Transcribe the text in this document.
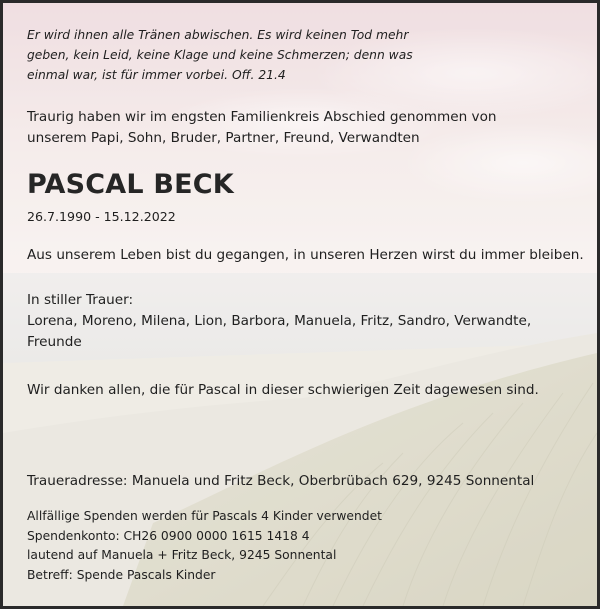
Er wird ihnen alle Tränen abwischen. Es wird keinen Tod mehr
geben, kein Leid, keine Klage und keine Schmerzen; denn was
einmal war, ist für immer vorbei. Off. 21.4
Traurig haben wir im engsten Familienkreis Abschied genommen von
unserem Papi, Sohn, Bruder, Partner, Freund, Verwandten
PASCAL BECK
26.7.1990 - 15.12.2022
Aus unserem Leben bist du gegangen, in unseren Herzen wirst du immer bleiben.
In stiller Trauer:
Lorena, Moreno, Milena, Lion, Barbora, Manuela, Fritz, Sandro, Verwandte,
Freunde
Wir danken allen, die für Pascal in dieser schwierigen Zeit dagewesen sind.
Traueradresse: Manuela und Fritz Beck, Oberbrübach 629, 9245 Sonnental
Allfällige Spenden werden für Pascals 4 Kinder verwendet
Spendenkonto: CH26 0900 0000 1615 1418 4
lautend auf Manuela + Fritz Beck, 9245 Sonnental
Betreff: Spende Pascals Kinder
